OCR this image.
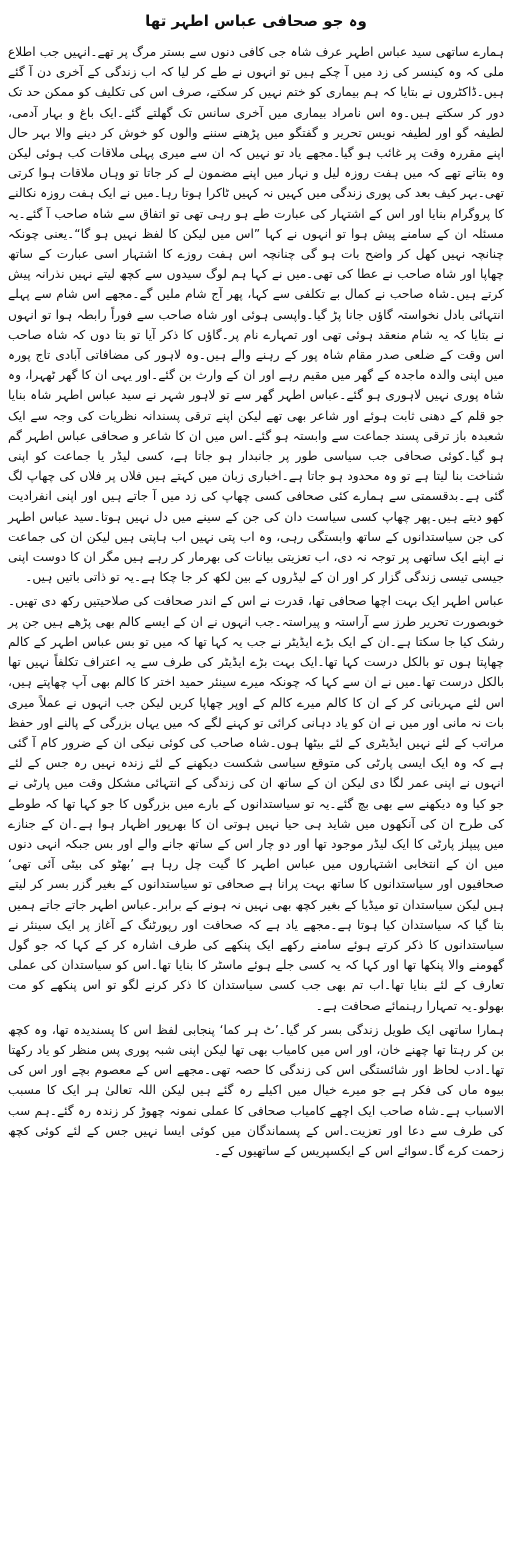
وہ جو صحافی عباس اطہر تھا

ہمارے ساتھی سید عباس اطہر عرف شاہ جی کافی دنوں سے بستر مرگ پر تھے۔انہیں جب اطلاع ملی کہ وہ کینسر کی زد میں آ چکے ہیں تو انہوں نے طے کر لیا کہ اب زندگی کے آخری دن آ گئے ہیں۔ڈاکٹروں نے بتایا کہ ہم بیماری کو ختم نہیں کر سکتے، صرف اس کی تکلیف کو ممکن حد تک دور کر سکتے ہیں۔وہ اس نامراد بیماری میں آخری سانس تک گھلتے گئے۔ایک باغ و بہار آدمی، لطیفہ گو اور لطیفہ نویس تحریر و گفتگو میں پڑھنے سننے والوں کو خوش کر دینے والا بہر حال اپنے مقررہ وقت پر غائب ہو گیا۔مجھے یاد تو نہیں کہ ان سے میری پہلی ملاقات کب ہوئی لیکن وہ بتاتے تھے کہ میں ہفت روزہ لیل و نہار میں اپنے مضمون لے کر جاتا تو وہاں ملاقات ہوا کرتی تھی۔بہر کیف بعد کی پوری زندگی میں کہیں نہ کہیں ٹاکرا ہوتا رہا۔میں نے ایک ہفت روزہ نکالنے کا پروگرام بنایا اور اس کے اشتہار کی عبارت طے ہو رہی تھی تو اتفاق سے شاہ صاحب آ گئے۔یہ مسئلہ ان کے سامنے پیش ہوا تو انہوں نے کہا ”اس میں لیکن کا لفظ نہیں ہو گا“۔یعنی چونکہ چنانچہ نہیں کھل کر واضح بات ہو گی چنانچہ اس ہفت روزے کا اشتہار اسی عبارت کے ساتھ چھاپا اور شاہ صاحب نے عطا کی تھی۔میں نے کہا ہم لوگ سیدوں سے کچھ لیتے نہیں نذرانہ پیش کرتے ہیں۔شاہ صاحب نے کمال بے تکلفی سے کہا، پھر آج شام ملیں گے۔مجھے اس شام سے پہلے انتہائی بادل نخواستہ گاؤں جانا پڑ گیا۔واپسی ہوئی اور شاہ صاحب سے فوراً رابطہ ہوا تو انہوں نے بتایا کہ یہ شام منعقد ہوئی تھی اور تمہارے نام پر۔گاؤں کا ذکر آیا تو بتا دوں کہ شاہ صاحب اس وقت کے ضلعی صدر مقام شاہ پور کے رہنے والے ہیں۔وہ لاہور کی مضافاتی آبادی تاج پورہ میں اپنی والدہ ماجدہ کے گھر میں مقیم رہے اور ان کے وارث بن گئے۔اور یہی ان کا گھر ٹھہرا، وہ شاہ پوری نہیں لاہوری ہو گئے۔عباس اطہر گھر سے تو لاہور شہر نے سید عباس اطہر شاہ بنایا جو قلم کے دھنی ثابت ہوئے اور شاعر بھی تھے لیکن اپنے ترقی پسندانہ نظریات کی وجہ سے ایک شعبدہ باز ترقی پسند جماعت سے وابستہ ہو گئے۔اس میں ان کا شاعر و صحافی عباس اطہر گم ہو گیا۔کوئی صحافی جب سیاسی طور پر جانبدار ہو جاتا ہے، کسی لیڈر یا جماعت کو اپنی شناخت بنا لیتا ہے تو وہ محدود ہو جاتا ہے۔اخباری زبان میں کہتے ہیں فلاں پر فلاں کی چھاپ لگ گئی ہے۔بدقسمتی سے ہمارے کئی صحافی کسی چھاپ کی زد میں آ جاتے ہیں اور اپنی انفرادیت کھو دیتے ہیں۔پھر چھاپ کسی سیاست دان کی جن کے سینے میں دل نہیں ہوتا۔سید عباس اطہر کی جن سیاستدانوں کے ساتھ وابستگی رہی، وہ اب پتی نہیں اب ہاپتی ہیں لیکن ان کی جماعت نے اپنے ایک ساتھی پر توجہ نہ دی، اب تعزیتی بیانات کی بھرمار کر رہے ہیں مگر ان کا دوست اپنی جیسی تیسی زندگی گزار کر اور ان کے لیڈروں کے بین لکھ کر جا چکا ہے۔یہ تو ذاتی باتیں ہیں۔

عباس اطہر ایک بہت اچھا صحافی تھا، قدرت نے اس کے اندر صحافت کی صلاحیتیں رکھ دی تھیں۔خوبصورت تحریر طرز سے آراستہ و پیراستہ۔جب انہوں نے ان کے ایسے کالم بھی پڑھے ہیں جن پر رشک کیا جا سکتا ہے۔ان کے ایک بڑے ایڈیٹر نے جب یہ کہا تھا کہ میں تو بس عباس اطہر کے کالم چھاپتا ہوں تو بالکل درست کہا تھا۔ایک بہت بڑے ایڈیٹر کی طرف سے یہ اعتراف تکلفاً نہیں تھا بالکل درست تھا۔میں نے ان سے کہا کہ چونکہ میرے سینئر حمید اختر کا کالم بھی آپ چھاپتے ہیں، اس لئے مہربانی کر کے ان کا کالم میرے کالم کے اوپر چھاپا کریں لیکن جب انہوں نے عملاً میری بات نہ مانی اور میں نے ان کو یاد دہانی کرائی تو کہنے لگے کہ میں یہاں بزرگی کے پالنے اور حفظ مراتب کے لئے نہیں ایڈیٹری کے لئے بیٹھا ہوں۔شاہ صاحب کی کوئی نیکی ان کے ضرور کام آ گئی ہے کہ وہ ایک ایسی پارٹی کی متوقع سیاسی شکست دیکھنے کے لئے زندہ نہیں رہ جس کے لئے انہوں نے اپنی عمر لگا دی لیکن ان کے ساتھ ان کی زندگی کے انتہائی مشکل وقت میں پارٹی نے جو کیا وہ دیکھنے سے بھی بچ گئے۔یہ تو سیاستدانوں کے بارے میں بزرگوں کا جو کہا تھا کہ طوطے کی طرح ان کی آنکھوں میں شاید ہی حیا نہیں ہوتی ان کا بھرپور اظہار ہوا ہے۔ان کے جنازے میں پیپلز پارٹی کا ایک لیڈر موجود تھا اور دو چار اس کے ساتھ جانے والے اور بس جبکہ انہی دنوں میں ان کے انتخابی اشتہاروں میں عباس اطہر کا گیت چل رہا ہے ’بھٹو کی بیٹی آئی تھی‘ صحافیوں اور سیاستدانوں کا ساتھ بہت پرانا ہے صحافی تو سیاستدانوں کے بغیر گزر بسر کر لیتے ہیں لیکن سیاستدان تو میڈیا کے بغیر کچھ بھی نہیں نہ ہونے کے برابر۔عباس اطہر جاتے جاتے ہمیں بتا گیا کہ سیاستدان کیا ہوتا ہے۔مجھے یاد ہے کہ صحافت اور رپورٹنگ کے آغاز پر ایک سینئر نے سیاستدانوں کا ذکر کرتے ہوئے سامنے رکھے ایک پنکھے کی طرف اشارہ کر کے کہا کہ جو گول گھومنے والا پنکھا تھا اور کہا کہ یہ کسی جلے ہوئے ماسٹر کا بنایا تھا۔اس کو سیاستدان کی عملی تعارف کے لئے بنایا تھا۔اب تم بھی جب کسی سیاستدان کا ذکر کرنے لگو تو اس پنکھے کو مت بھولو۔یہ تمہارا رہنمائے صحافت ہے۔

ہمارا ساتھی ایک طویل زندگی بسر کر گیا۔’ٹ ہر کما‘ پنجابی لفظ اس کا پسندیدہ تھا، وہ کچھ بن کر رہتا تھا چھنے خان، اور اس میں کامیاب بھی تھا لیکن اپنی شبہ پوری پس منظر کو یاد رکھتا تھا۔ادب لحاظ اور شائستگی اس کی زندگی کا حصہ تھی۔مجھے اس کے معصوم بچے اور اس کی بیوہ ماں کی فکر ہے جو میرے خیال میں اکیلے رہ گئے ہیں لیکن اللہ تعالیٰ ہر ایک کا مسبب الاسباب ہے۔شاہ صاحب ایک اچھے کامیاب صحافی کا عملی نمونہ چھوڑ کر زندہ رہ گئے۔ہم سب کی طرف سے دعا اور تعزیت۔اس کے پسماندگان میں کوئی ایسا نہیں جس کے لئے کوئی کچھ زحمت کرے گا۔سوائے اس کے ایکسپریس کے ساتھیوں کے۔
